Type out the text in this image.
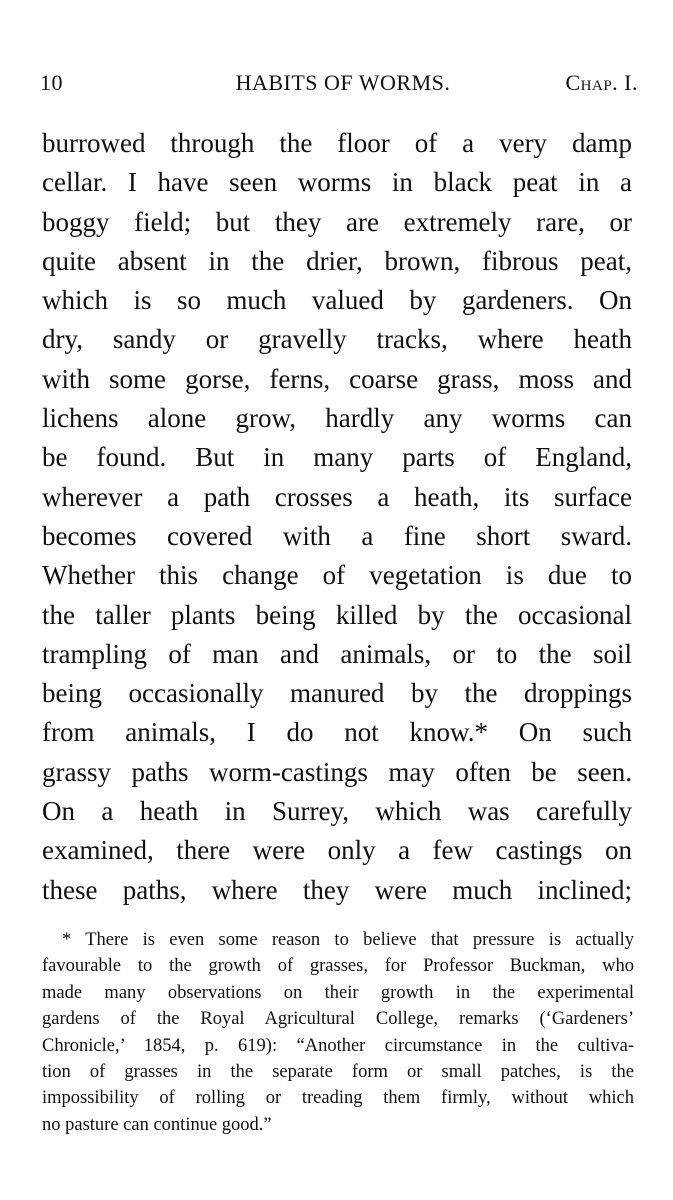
10	HABITS OF WORMS.	Chap. I.
burrowed through the floor of a very damp
cellar. I have seen worms in black peat in a
boggy field; but they are extremely rare, or
quite absent in the drier, brown, fibrous peat,
which is so much valued by gardeners. On
dry, sandy or gravelly tracks, where heath
with some gorse, ferns, coarse grass, moss and
lichens alone grow, hardly any worms can
be found. But in many parts of England,
wherever a path crosses a heath, its surface
becomes covered with a fine short sward.
Whether this change of vegetation is due to
the taller plants being killed by the occasional
trampling of man and animals, or to the soil
being occasionally manured by the droppings
from animals, I do not know.* On such
grassy paths worm-castings may often be seen.
On a heath in Surrey, which was carefully
examined, there were only a few castings on
these paths, where they were much inclined;
* There is even some reason to believe that pressure is actually
favourable to the growth of grasses, for Professor Buckman, who
made many observations on their growth in the experimental
gardens of the Royal Agricultural College, remarks (‘Gardeners’
Chronicle,’ 1854, p. 619): “Another circumstance in the cultiva-
tion of grasses in the separate form or small patches, is the
impossibility of rolling or treading them firmly, without which
no pasture can continue good.”
